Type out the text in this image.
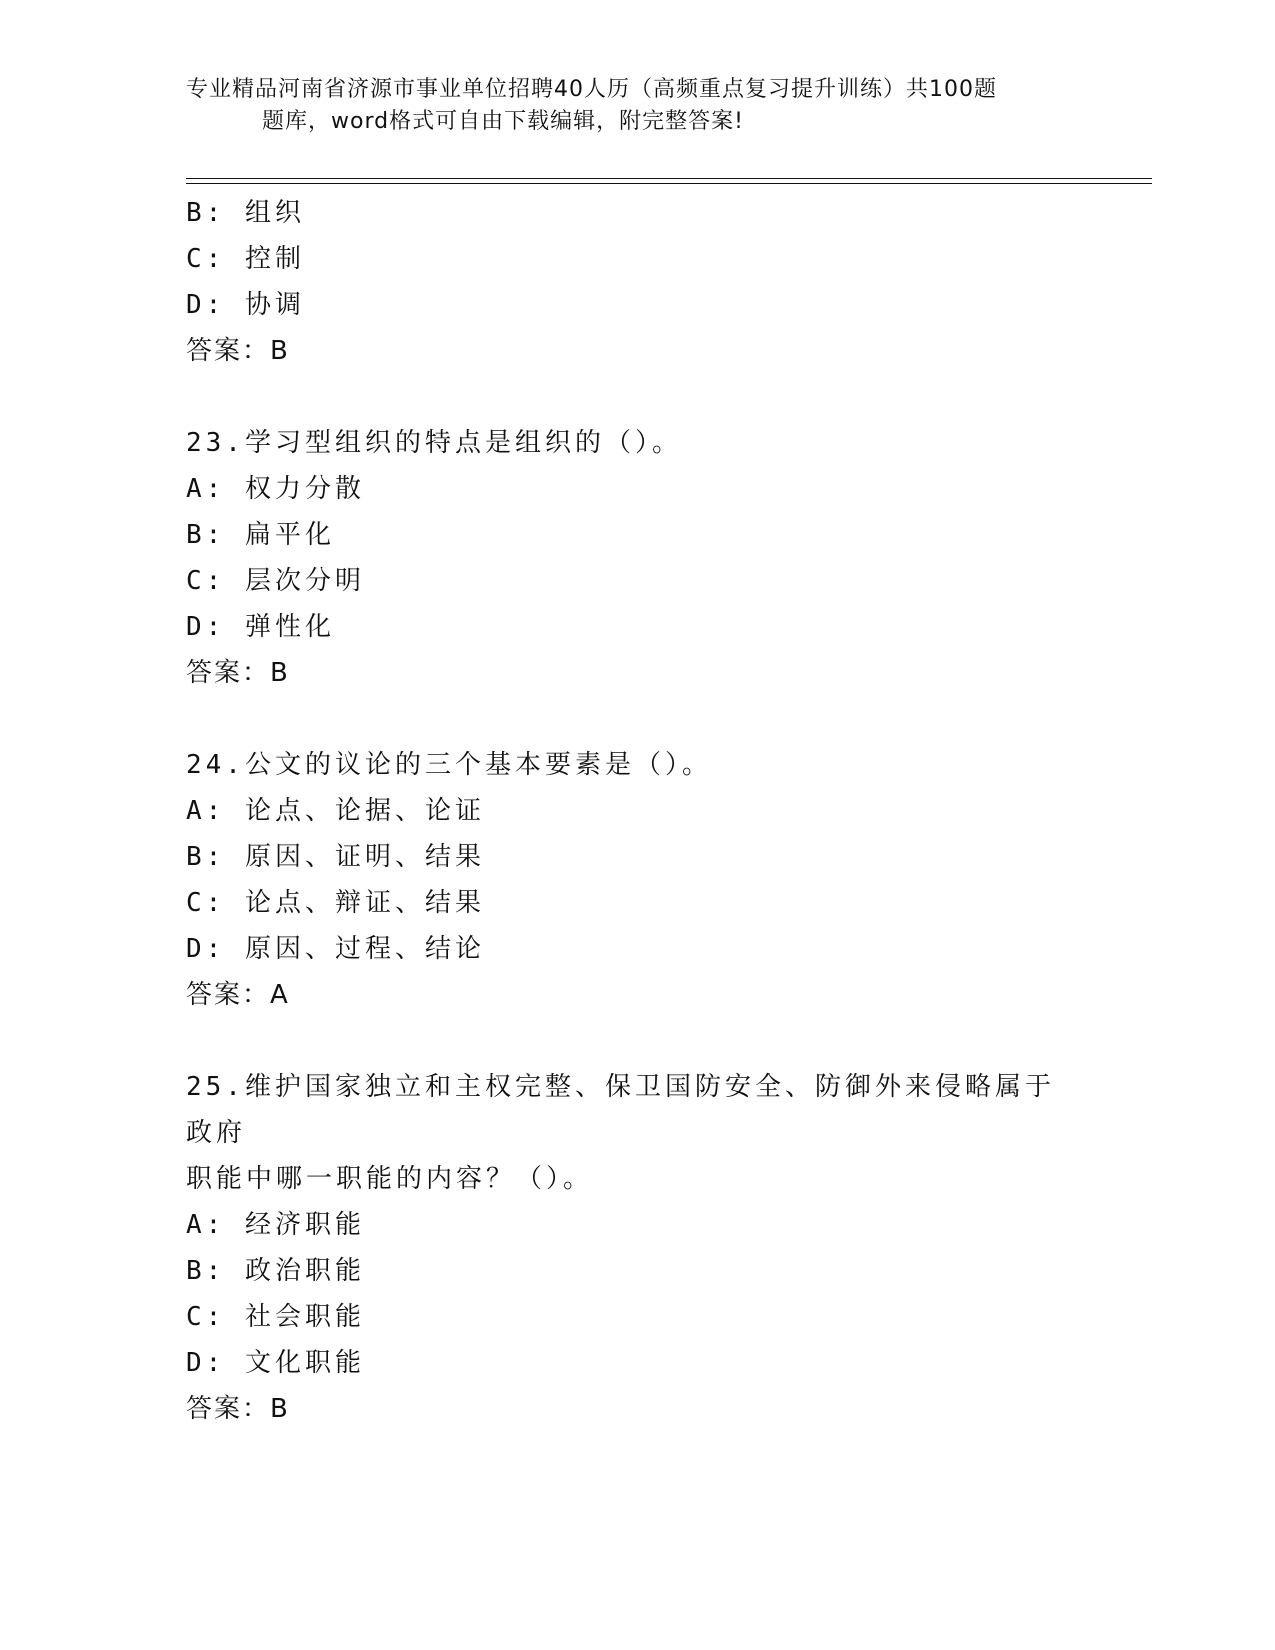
专业精品河南省济源市事业单位招聘40人历（高频重点复习提升训练）共100题
题库，word格式可自由下载编辑，附完整答案!
B: 组织
C: 控制
D: 协调
答案：B
23.学习型组织的特点是组织的（）。
A: 权力分散
B: 扁平化
C: 层次分明
D: 弹性化
答案：B
24.公文的议论的三个基本要素是（）。
A: 论点、论据、论证
B: 原因、证明、结果
C: 论点、辩证、结果
D: 原因、过程、结论
答案：A
25.维护国家独立和主权完整、保卫国防安全、防御外来侵略属于政府
职能中哪一职能的内容？（）。
A: 经济职能
B: 政治职能
C: 社会职能
D: 文化职能
答案：B
